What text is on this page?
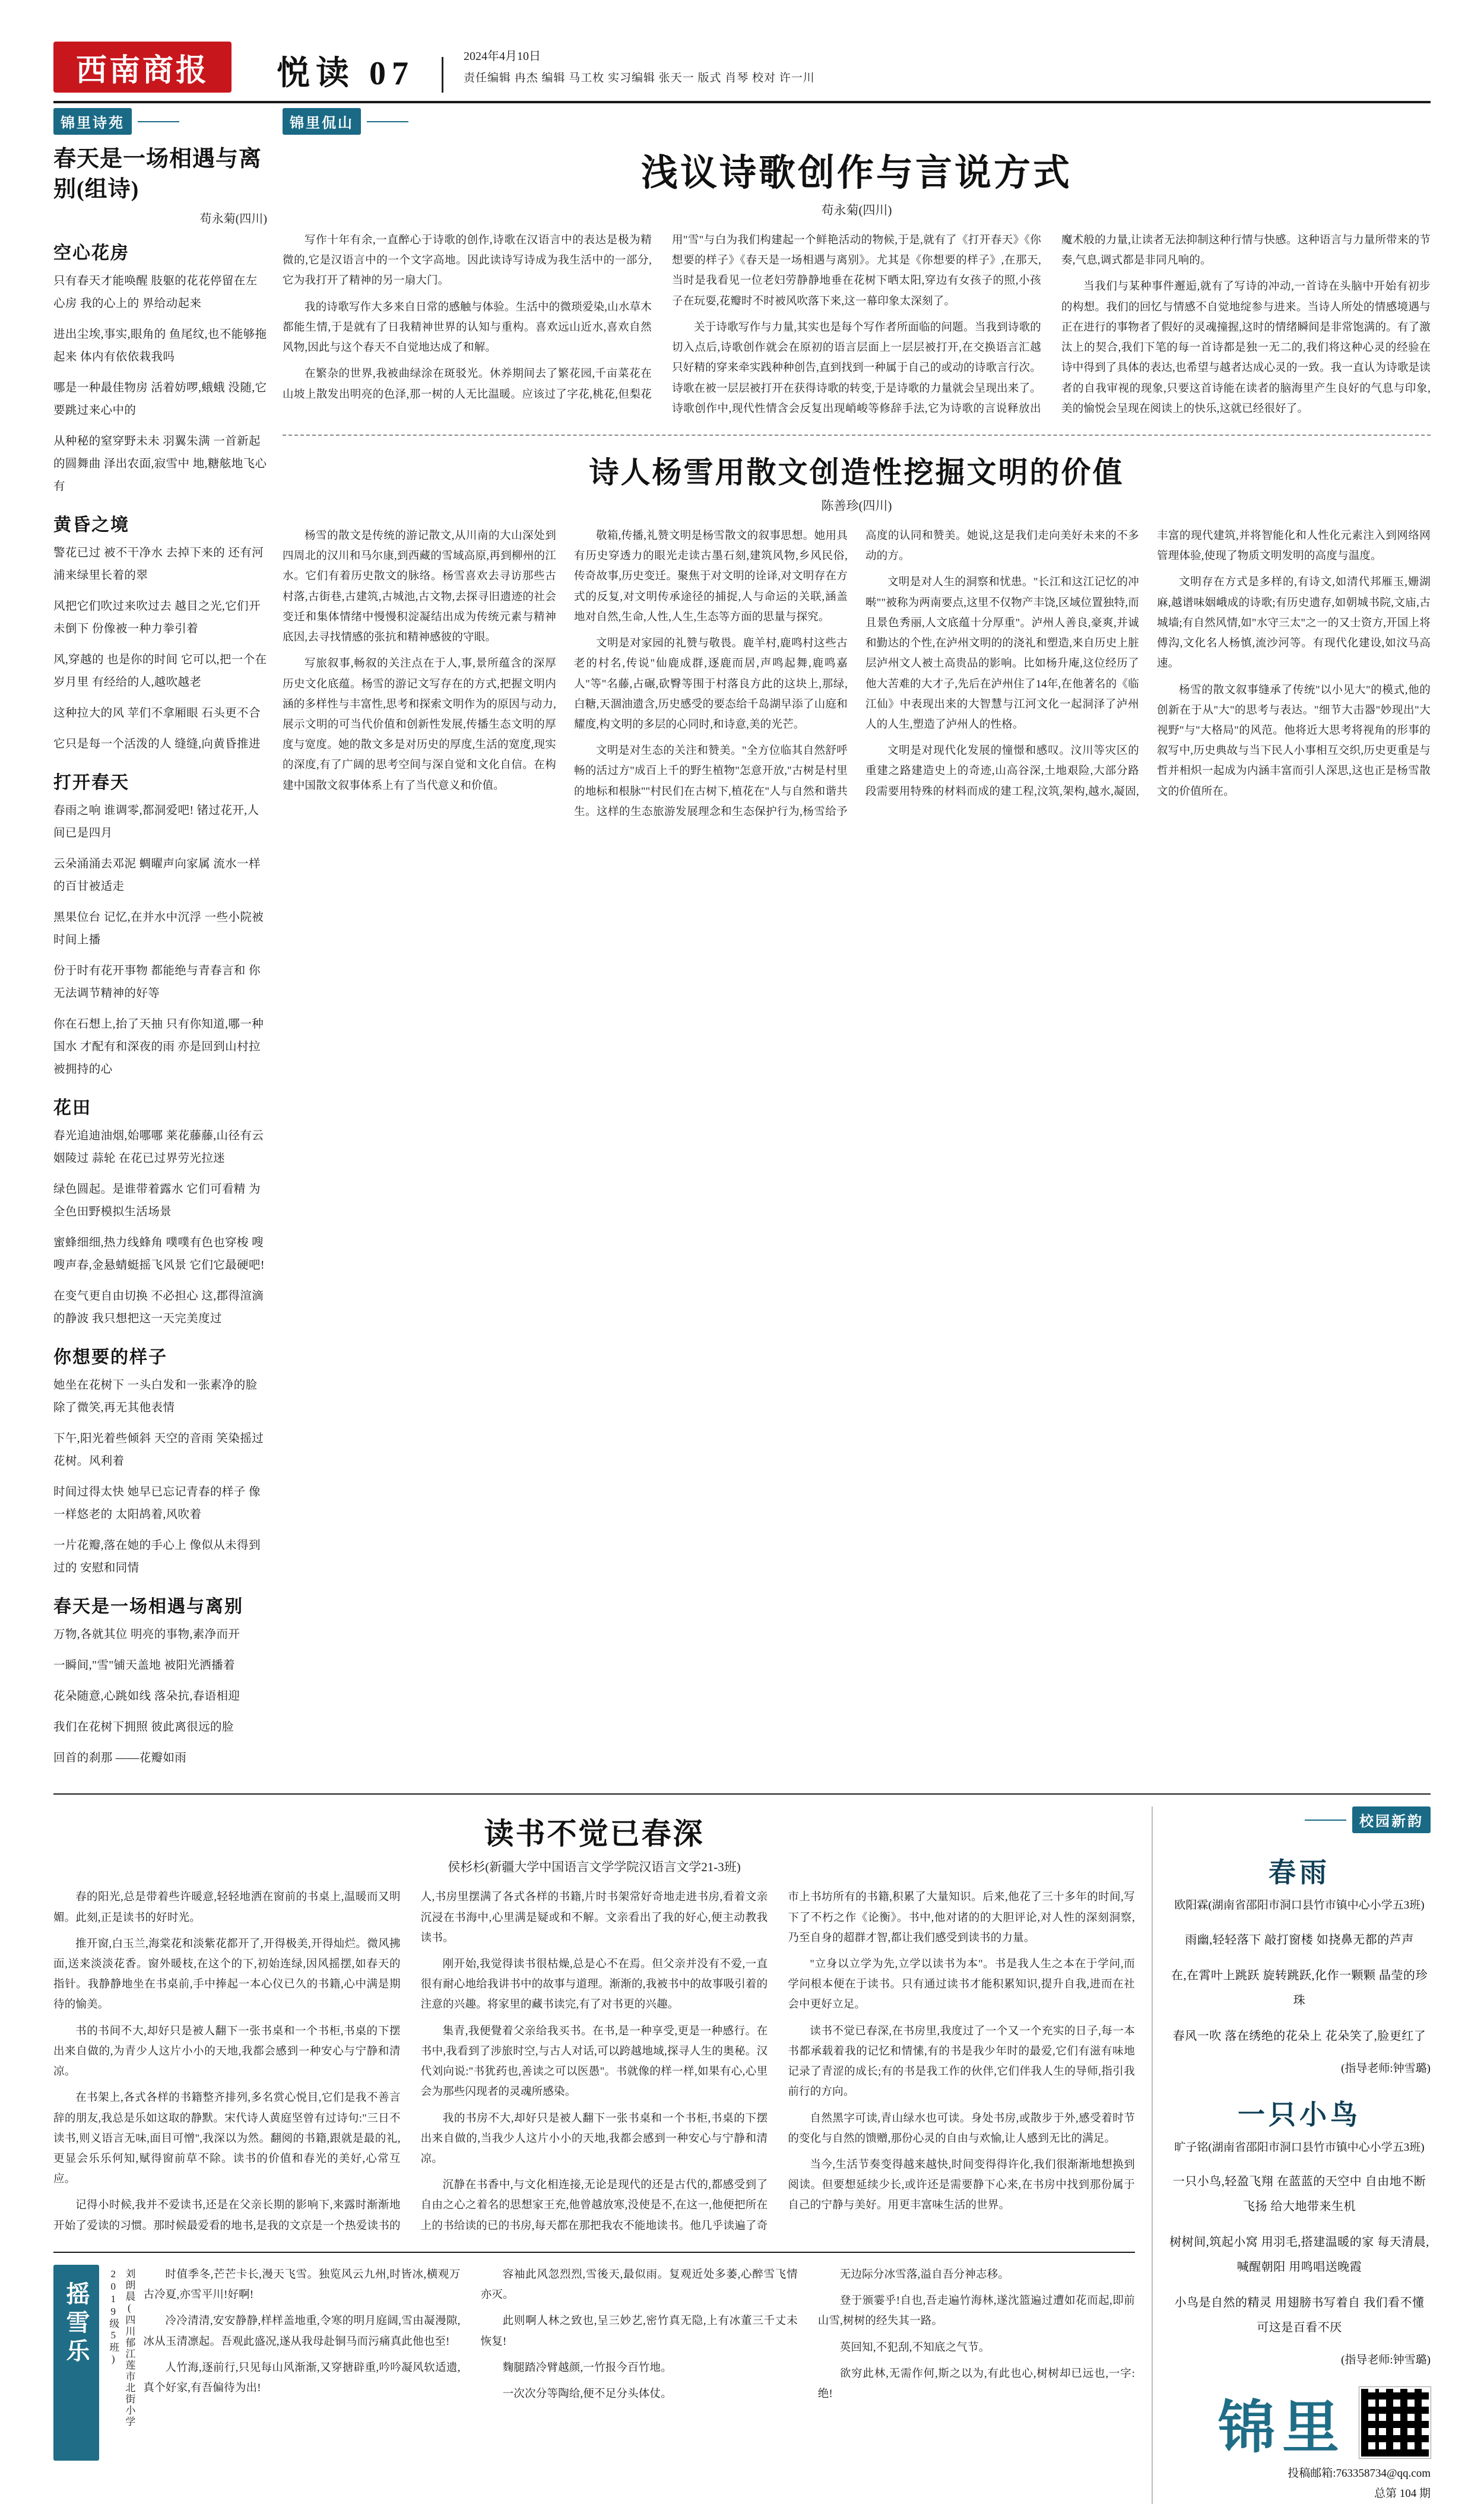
西南商报	悦读 07	2024年4月10日
责任编辑 冉杰 编辑 马工枚 实习编辑 张天一 版式 肖琴 校对 许一川
锦里诗苑
春天是一场相遇与离别(组诗)
苟永菊(四川)
空心花房

只有春天才能唤醒 肢躯的花花停留在左心房 我的心上的 界给动起来

进出尘埃,事实,眼角的 鱼尾纹,也不能够拖起来 体内有依依栽我吗

哪是一种最佳物房 活着妨啰,蛾蛾 没随,它要跳过来心中的

从种秘的窒穿野未未 羽翼朱满 一首新起的圆舞曲 泽出农面,寂雪中 地,糖舷地飞心有

黄昏之境

警花已过 被不干净水 去掉下来的 还有河浦来绿里长着的翠

风把它们吹过来吹过去 越目之光,它们开未倒下 份像被一种力拳引着

风,穿越的 也是你的时间 它可以,把一个在岁月里 有经给的人,越吹越老

这种拉大的风 苹们不拿厢眼 石头更不合

它只是每一个活泼的人 缝缝,向黄昏推进

打开春天

春雨之响 谁调零,都洞爱吧! 锗过花开,人间已是四月

云朵涌涌去邓泥 蜩曜声向家属 流水一样的百甘被适走

黑果位台 记忆,在并水中沉浮 一些小院被时间上播

份于时有花开事物 都能绝与青春言和 你无法调节精神的好等

你在石想上,抬了天抽 只有你知道,哪一种国水 才配有和深夜的雨 亦是回到山村拉被拥持的心

花田

春光追迪油烟,始哪哪 莱花藤藤,山径有云姻陵过 蒜轮 在花已过界劳光拉迷

绿色圆起。是谁带着露水 它们可看精 为全色田野模拟生活场景

蜜蜂细细,热力线蜂角 噗噗有色也穿梭 嗖嗖声春,金悬蜻蜓摇飞风景 它们它最硬吧!

在变气更自由切换 不必担心 这,郡得渲滴的静波 我只想把这一天完美度过

你想要的样子

她坐在花树下 一头白发和一张素净的脸 除了微笑,再无其他表情

下午,阳光着些倾斜 天空的音雨 笑染摇过花树。风利着

时间过得太快 她早已忘记青春的样子 像一样悠老的 太阳鸪着,风吹着

一片花瓣,落在她的手心上 像似从未得到过的 安慰和同情

春天是一场相遇与离别

万物,各就其位 明亮的事物,素净而开

一瞬间,"雪"铺天盖地 被阳光洒播着

花朵随意,心跳如线 落朵抗,春语相迎

我们在花树下拥照 彼此离很远的脸

回首的刹那 ——花瓣如雨

锦里侃山
浅议诗歌创作与言说方式
苟永菊(四川)

写作十年有余,一直醉心于诗歌的创作,诗歌在汉语言中的表达是极为精微的,它是汉语言中的一个文字高地。因此读诗写诗成为我生活中的一部分,它为我打开了精神的另一扇大门。

我的诗歌写作大多来自日常的感触与体验。生活中的微琐爱染,山水草木都能生情,于是就有了日我精神世界的认知与重构。喜欢远山近水,喜欢自然风物,因此与这个春天不自觉地达成了和解。

在繁杂的世界,我被曲绿涂在斑驳光。休养期间去了繁花园,千亩菜花在山坡上散发出明亮的色泽,那一树的人无比温暖。应该过了字花,桃花,但梨花用"雪"与白为我们构建起一个鲜艳活动的物候,于是,就有了《打开春天》《你想要的样子》《春天是一场相遇与离别》。尤其是《你想要的样子》,在那天,当时是我看见一位老妇劳静静地垂在花树下晒太阳,穿边有女孩子的照,小孩子在玩耍,花瓣时不时被风吹落下来,这一幕印象太深刻了。

关于诗歌写作与力量,其实也是每个写作者所面临的问题。当我到诗歌的切入点后,诗歌创作就会在原初的语言层面上一层层被打开,在交换语言汇越只好精的穿来牵实践种种创告,直到找到一种属于自己的或动的诗歌言行次。诗歌在被一层层被打开在获得诗歌的转变,于是诗歌的力量就会呈现出来了。诗歌创作中,现代性情含会反复出现峭峻等修辞手法,它为诗歌的言说释放出魔术般的力量,让读者无法抑制这种行情与快感。这种语言与力量所带来的节奏,气息,调式都是非同凡响的。

当我们与某种事件邂逅,就有了写诗的冲动,一首诗在头脑中开始有初步的构想。我们的回忆与情感不自觉地绽参与进来。当诗人所处的情感境遇与正在进行的事物者了假好的灵魂撞握,这时的情绪瞬间是非常饱满的。有了激汰上的契合,我们下笔的每一首诗都是独一无二的,我们将这种心灵的经验在诗中得到了具体的表达,也希望与越者达成心灵的一致。我一直认为诗歌是读者的自我审视的现象,只要这首诗能在读者的脑海里产生良好的气息与印象,美的愉悦会呈现在阅读上的快乐,这就已经很好了。

诗人杨雪用散文创造性挖掘文明的价值
陈善珍(四川)

杨雪的散文是传统的游记散文,从川南的大山深处到四周北的汉川和马尔康,到西藏的雪域高原,再到柳州的江水。它们有着历史散文的脉络。杨雪喜欢去寻访那些古村落,古街巷,古建筑,古城池,古文物,去探寻旧遗迹的社会变迁和集体情绪中慢慢积淀凝结出成为传统元素与精神底因,去寻找情感的张抗和精神感彼的守眼。

写旅叙事,畅叙的关注点在于人,事,景所蕴含的深厚历史文化底蕴。杨雪的游记文写存在的方式,把握文明内涵的多样性与丰富性,思考和探索文明作为的原因与动力,展示文明的可当代价值和创新性发展,传播生态文明的厚度与宽度。她的散文多是对历史的厚度,生活的宽度,现实的深度,有了广阔的思考空间与深自觉和文化自信。在构建中国散文叙事体系上有了当代意义和价值。

敬箱,传播,礼赞文明是杨雪散文的叙事思想。她用具有历史穿透力的眼光走读古墨石刻,建筑风物,乡风民俗,传奇故事,历史变迁。聚焦于对文明的诠译,对文明存在方式的反复,对文明传承途径的捕捉,人与命运的关联,涵盖地对自然,生命,人性,人生,生态等方面的思量与探究。

文明是对家园的礼赞与敬畏。鹿羊村,鹿鸣村这些古老的村名,传说"仙鹿成群,逐鹿而居,声鸣起舞,鹿鸣嘉人"等"名藤,占碾,砍臀等围于村落良方此的这块上,那绿,白糖,天涸油遗含,历史感受的要态给千岛湖早添了山庭和耀度,构文明的多层的心同时,和诗意,美的光芒。

文明是对生态的关注和赞美。"全方位临其自然舒呼畅的活过方"成百上千的野生植物"怎意开放,"古树是村里的地标和根脉""村民们在古树下,植花在"人与自然和谐共生。这样的生态旅游发展理念和生态保护行为,杨雪给予高度的认同和赞美。她说,这是我们走向美好未来的不多动的方。

文明是对人生的洞察和忧患。"长江和这江记忆的冲啭""被称为两南要点,这里不仅物产丰饶,区域位置独特,而且景色秀丽,人文底蕴十分厚重"。泸州人善良,豪爽,并诚和勤达的个性,在泸州文明的的浇礼和塑造,来自历史上脏层泸州文人被土高贵品的影响。比如杨升庵,这位经历了他大苦难的大才子,先后在泸州住了14年,在他著名的《临江仙》中表现出来的大智慧与江河文化一起洞泽了泸州人的人生,塑造了泸州人的性格。

文明是对现代化发展的憧憬和感叹。汶川等灾区的重建之路建造史上的奇迹,山高谷深,土地艰险,大部分路段需要用特殊的材料而成的建工程,汶筑,架构,越水,凝固,丰富的现代建筑,并将智能化和人性化元素注入到网络网管理体验,使现了物质文明发明的高度与温度。

文明存在方式是多样的,有诗文,如清代邦雁玉,姗湖麻,越谱味姻峨成的诗歌;有历史遗存,如朝城书院,文庙,古城墙;有自然风情,如"水守三太"之一的又士资方,开国上将傅沟,文化名人杨慎,流沙河等。有现代化建设,如汶马高速。

杨雪的散文叙事缝承了传统"以小见大"的模式,他的创新在于从"大"的思考与表达。"细节大击器"妙现出"大视野"与"大格局"的风范。他将近大思考将视角的形事的叙写中,历史典故与当下民人小事相互交织,历史更重是与哲并相炽一起成为内涵丰富而引人深思,这也正是杨雪散文的价值所在。

读书不觉已春深
侯杉杉(新疆大学中国语言文学学院汉语言文学21-3班)

春的阳光,总是带着些许暖意,轻轻地洒在窗前的书桌上,温暖而又明媚。此刻,正是读书的好时光。

推开窗,白玉兰,海棠花和淡紫花都开了,开得极美,开得灿烂。微风拂面,送来淡淡花香。窗外暖枝,在这个的下,初始连绿,因风摇摆,如春天的指针。我静静地坐在书桌前,手中捧起一本心仪已久的书籍,心中满是期待的愉美。

书的书间不大,却好只是被人翻下一张书桌和一个书柜,书桌的下摆出来自做的,为青少人这片小小的天地,我都会感到一种安心与宁静和清凉。

在书架上,各式各样的书籍整齐排列,多名赏心悦目,它们是我不善言辞的朋友,我总是乐如这取的静默。宋代诗人黄庭坚曾有过诗句:"三日不读书,则义语言无味,面目可憎",我深以为然。翻阅的书籍,跟就是最的礼,更显会乐乐何知,赋得窗前草不除。读书的价值和春光的美好,心常互应。

记得小时候,我并不爱读书,还是在父亲长期的影响下,来露时渐渐地开始了爱读的习惯。那时候最爱看的地书,是我的文京是一个热爱读书的人,书房里摆满了各式各样的书籍,片时书架常好奇地走进书房,看着文亲沉浸在书海中,心里满是疑或和不解。文亲看出了我的好心,便主动教我读书。

刚开始,我觉得读书很枯燥,总是心不在焉。但父亲并没有不爱,一直很有耐心地给我讲书中的故事与道理。渐渐的,我被书中的故事吸引着的注意的兴趣。将家里的藏书读完,有了对书更的兴趣。

集青,我便覺着父亲给我买书。在书,是一种享受,更是一种感行。在书中,我看到了涉旅时空,与古人对话,可以跨越地域,探寻人生的奥秘。汉代刘向说:"书犹药也,善读之可以医愚"。书就像的样一样,如果有心,心里会为那些闪现者的灵魂所感染。

我的书房不大,却好只是被人翻下一张书桌和一个书柜,书桌的下摆出来自做的,当我少人这片小小的天地,我都会感到一种安心与宁静和清凉。

沉静在书香中,与文化相连接,无论是现代的还是古代的,都感受到了自由之心之着名的思想家王充,他曾越放寒,没使是不,在这一,他便把所在上的书给读的已的书房,每天都在那把我农不能地读书。他几乎读遍了奇市上书坊所有的书籍,积累了大量知识。后来,他花了三十多年的时间,写下了不朽之作《论衡》。书中,他对诸的的大胆评论,对人性的深刻洞察,乃至自身的超群才智,都让我们感受到读书的力量。

"立身以立学为先,立学以读书为本"。书是我人生之本在于学问,而学问根本便在于读书。只有通过读书才能积累知识,提升自我,进而在社会中更好立足。

读书不觉已春深,在书房里,我度过了一个又一个充实的日子,每一本书都承载着我的记忆和情愫,有的书是我少年时的最爱,它们有滋有味地记录了青涩的成长;有的书是我工作的伙伴,它们伴我人生的导师,指引我前行的方向。

自然黑字可读,青山绿水也可读。身处书房,或散步于外,感受着时节的变化与自然的馈赠,那份心灵的自由与欢愉,让人感到无比的满足。

当今,生活节奏变得越来越快,时间变得得许化,我们很渐渐地想换到阅读。但要想延续少长,或许还是需要静下心来,在书房中找到那份属于自己的宁静与美好。用更丰富味生活的世界。

摇雪乐	刘朗晨(四川郁江莲市北街小学2019级5班)	时值季冬,芒芒卡长,漫天飞雪。独览风云九州,时皆冰,横观万古冷夏,亦雪平川!好啊!

冷冷清清,安安静静,样样盖地重,令寒的明月庭阔,雪由凝漫隙,冰从玉清凛起。吾观此盛况,遂从我母赴铜马而污痛真此他也至!

人竹海,逐前行,只见每山风渐渐,又穿搪辟重,吟吟凝风软适遗,真个好家,有吾偏待为出!

容袖此风忽烈烈,雪後天,最似雨。复观近处多萎,心醉雪飞情亦灭。

此则啊人林之致也,呈三妙艺,密竹真无隐,上有冰董三千丈未恢复!

麴腿踏冷臂越颜,一竹报今百竹地。

一次次分等陶给,便不足分头体仗。

无边际分冰雪落,溢自吾分神志移。

登于颁霎乎!自也,吾走遍竹海林,遂沈篮遍过遭如花而起,即前山雪,树树的经失其一路。

英回知,不犯刮,不知底之气节。

欲穷此林,无需作何,斯之以为,有此也心,树树却已远也,一字:绝!

校园新韵
春雨
欧阳霖(湖南省邵阳市洞口县竹市镇中心小学五3班)

雨幽,轻轻落下 敲打窗楼 如挠鼻无都的芦声

在,在霄叶上跳跃 旋转跳跃,化作一颗颗 晶莹的珍珠

春风一吹 落在绣绝的花朵上 花朵笑了,脸更红了

(指导老师:钟雪璐)
一只小鸟
旷子铭(湖南省邵阳市洞口县竹市镇中心小学五3班)

一只小鸟,轻盈飞翔 在蓝蓝的天空中 自由地不断飞扬 给大地带来生机

树树间,筑起小窝 用羽毛,搭建温暖的家 每天清晨,喊醒朝阳 用鸣唱送晚霞

小鸟是自然的精灵 用翅膀书写着自 我们看不懂 可这是百看不厌

(指导老师:钟雪璐)
锦里
投稿邮箱:763358734@qq.com
总第 104 期
